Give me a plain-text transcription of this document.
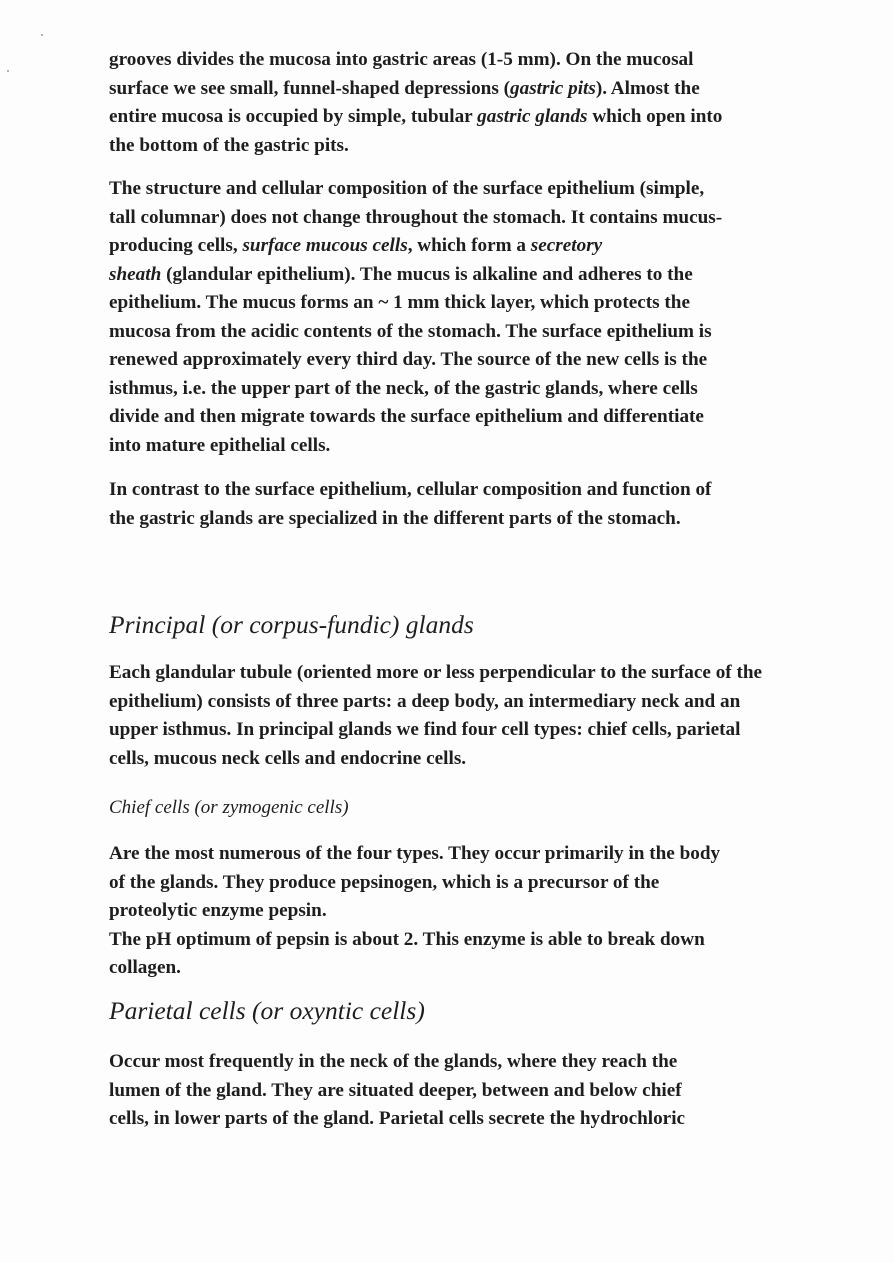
grooves divides the mucosa into gastric areas (1-5 mm). On the mucosal
surface we see small, funnel-shaped depressions (gastric pits). Almost the
entire mucosa is occupied by simple, tubular gastric glands which open into
the bottom of the gastric pits.
The structure and cellular composition of the surface epithelium (simple,
tall columnar) does not change throughout the stomach. It contains mucus-
producing cells, surface mucous cells, which form a secretory
sheath (glandular epithelium). The mucus is alkaline and adheres to the
epithelium. The mucus forms an ~ 1 mm thick layer, which protects the
mucosa from the acidic contents of the stomach. The surface epithelium is
renewed approximately every third day. The source of the new cells is the
isthmus, i.e. the upper part of the neck, of the gastric glands, where cells
divide and then migrate towards the surface epithelium and differentiate
into mature epithelial cells.
In contrast to the surface epithelium, cellular composition and function of
the gastric glands are specialized in the different parts of the stomach.
Principal (or corpus-fundic) glands
Each glandular tubule (oriented more or less perpendicular to the surface of the
epithelium) consists of three parts: a deep body, an intermediary neck and an
upper isthmus. In principal glands we find four cell types: chief cells, parietal
cells, mucous neck cells and endocrine cells.
Chief cells (or zymogenic cells)
Are the most numerous of the four types. They occur primarily in the body
of the glands. They produce pepsinogen, which is a precursor of the
proteolytic enzyme pepsin.
The pH optimum of pepsin is about 2. This enzyme is able to break down
collagen.
Parietal cells (or oxyntic cells)
Occur most frequently in the neck of the glands, where they reach the
lumen of the gland. They are situated deeper, between and below chief
cells, in lower parts of the gland. Parietal cells secrete the hydrochloric
